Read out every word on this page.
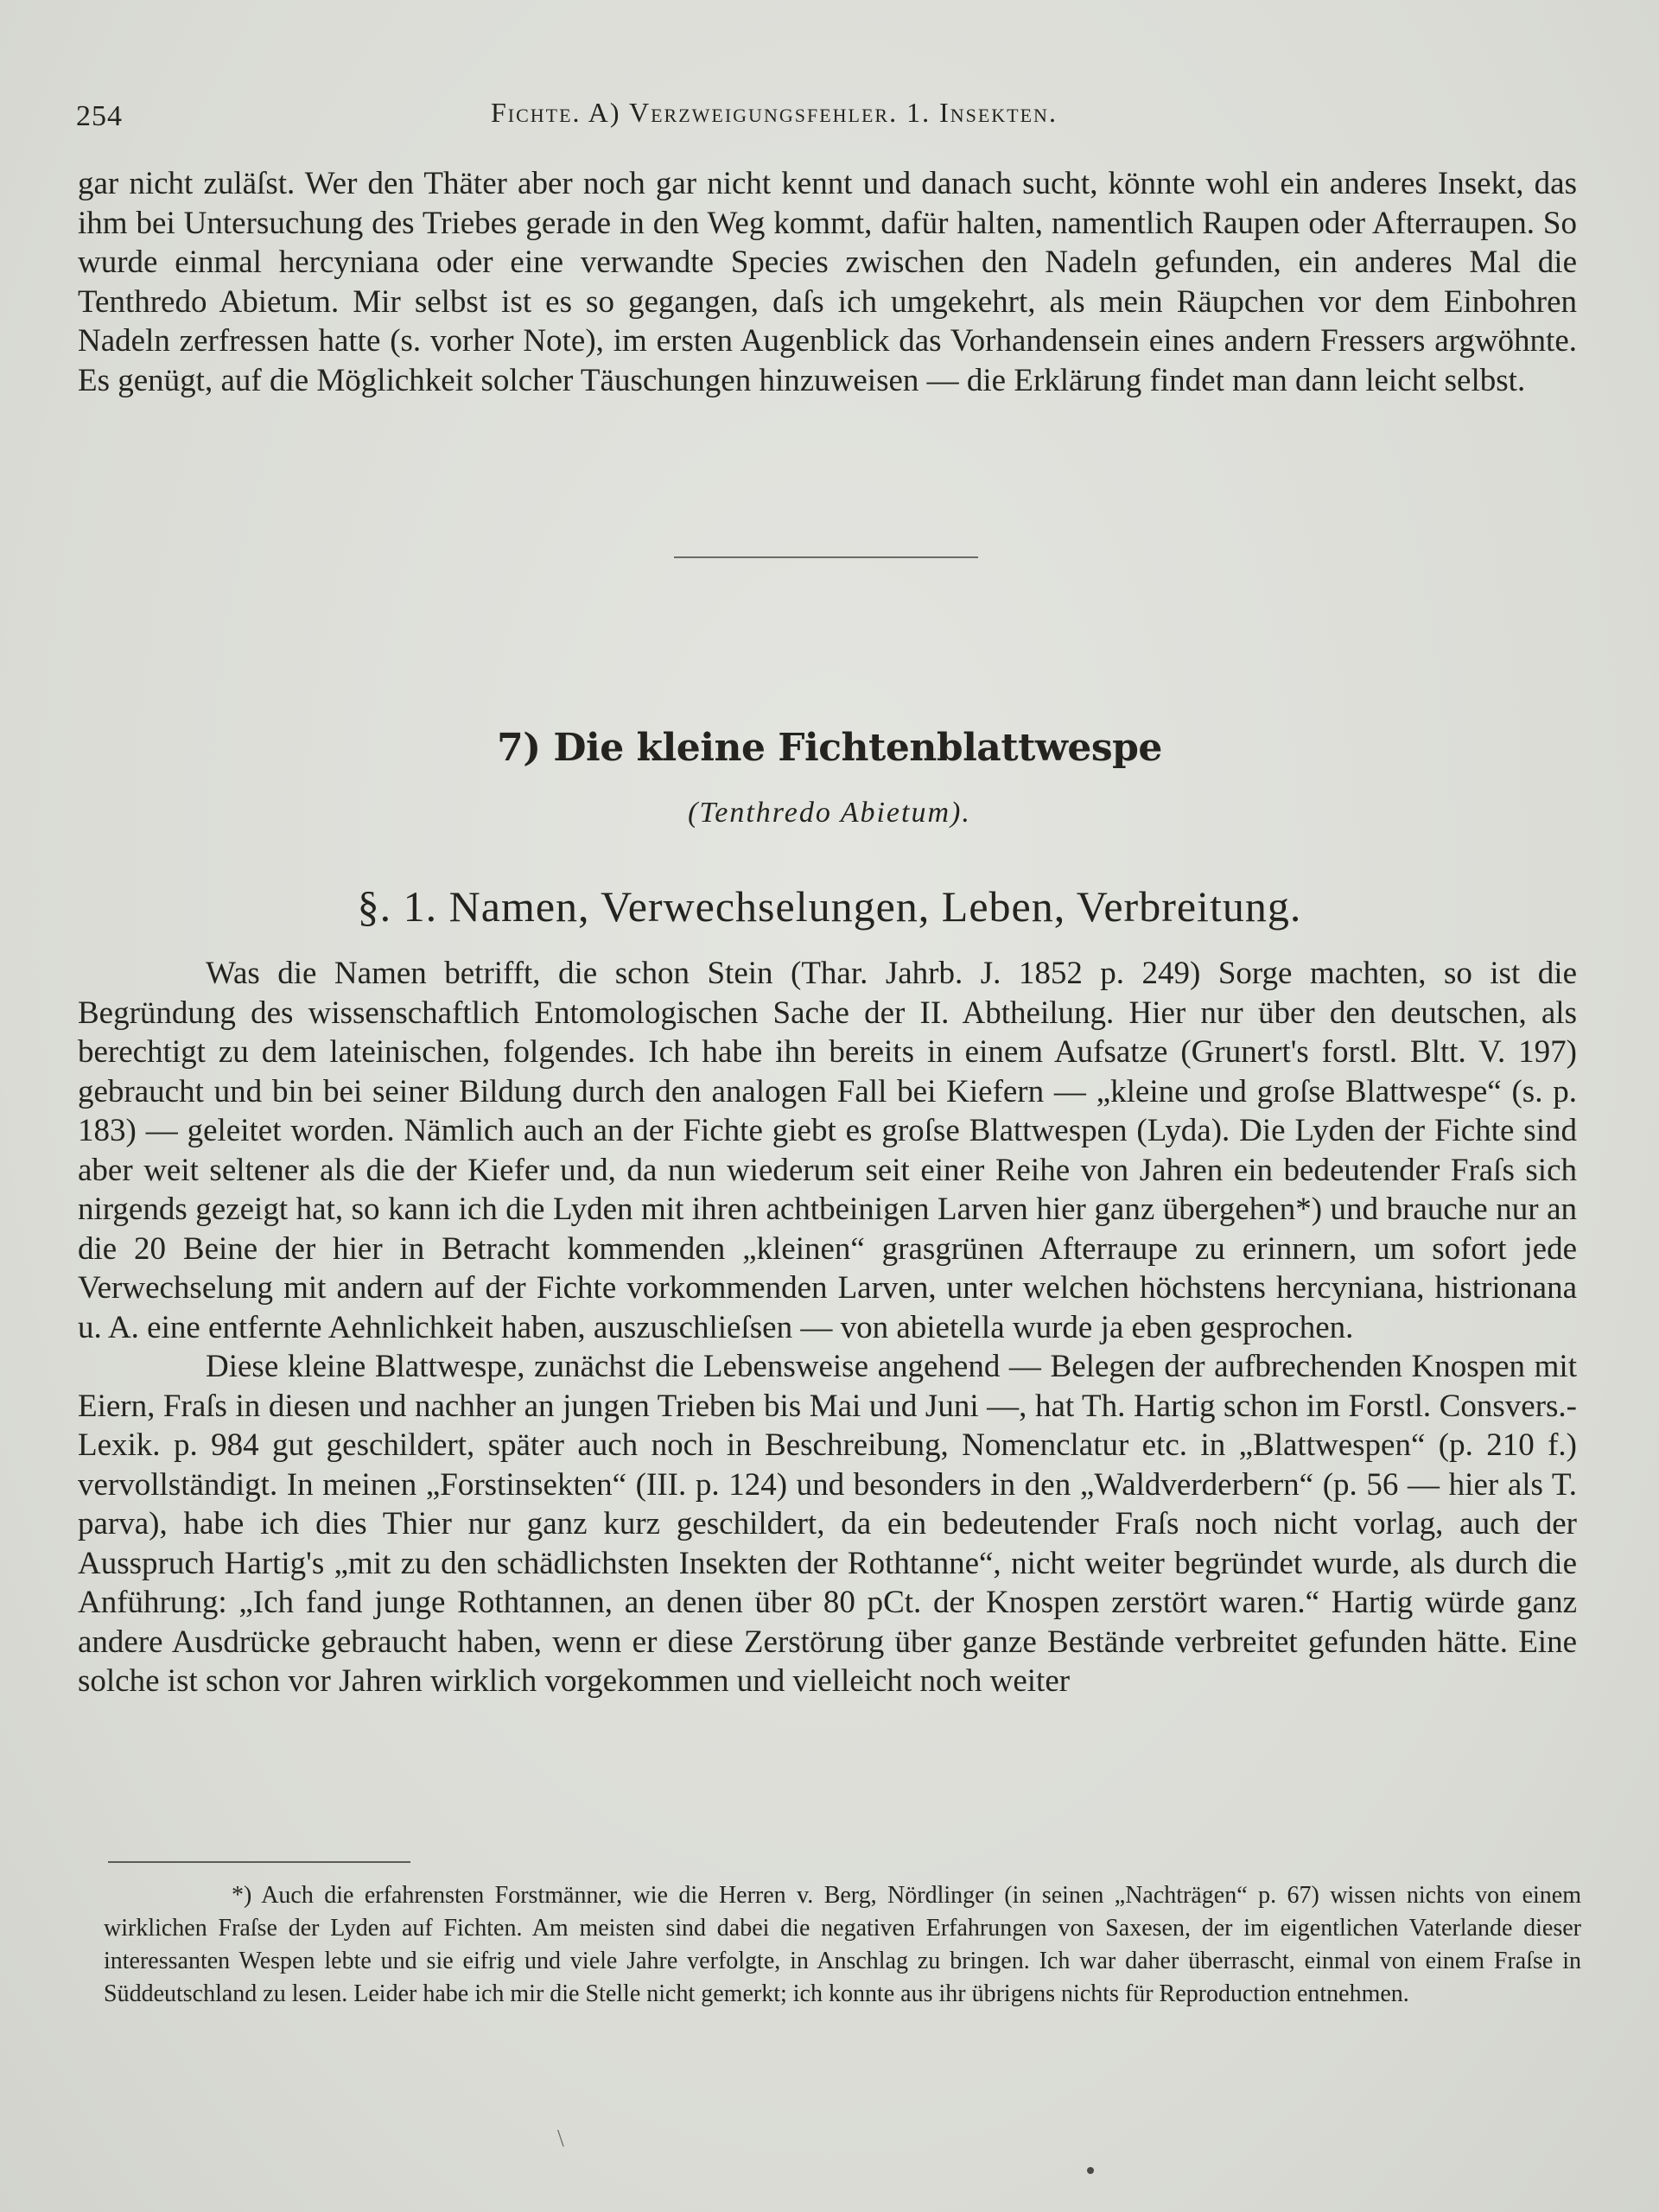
254	Fichte. A) Verzweigungsfehler. 1. Insekten.

gar nicht zuläſst. Wer den Thäter aber noch gar nicht kennt und danach sucht, könnte wohl ein anderes Insekt, das ihm bei Untersuchung des Triebes gerade in den Weg kommt, dafür halten, namentlich Raupen oder Afterraupen. So wurde einmal hercyniana oder eine verwandte Species zwischen den Nadeln gefunden, ein anderes Mal die Tenthredo Abietum. Mir selbst ist es so gegangen, daſs ich umgekehrt, als mein Räupchen vor dem Einbohren Nadeln zerfressen hatte (s. vorher Note), im ersten Augenblick das Vorhandensein eines andern Fressers argwöhnte. Es genügt, auf die Möglichkeit solcher Täuschungen hinzuweisen — die Erklärung findet man dann leicht selbst.

7) Die kleine Fichtenblattwespe
(Tenthredo Abietum).
§. 1. Namen, Verwechselungen, Leben, Verbreitung.

Was die Namen betrifft, die schon Stein (Thar. Jahrb. J. 1852 p. 249) Sorge machten, so ist die Begründung des wissenschaftlich Entomologischen Sache der II. Abtheilung. Hier nur über den deutschen, als berechtigt zu dem lateinischen, folgendes. Ich habe ihn bereits in einem Aufsatze (Grunert's forstl. Bltt. V. 197) gebraucht und bin bei seiner Bildung durch den analogen Fall bei Kiefern — „kleine und groſse Blattwespe“ (s. p. 183) — geleitet worden. Nämlich auch an der Fichte giebt es groſse Blattwespen (Lyda). Die Lyden der Fichte sind aber weit seltener als die der Kiefer und, da nun wiederum seit einer Reihe von Jahren ein bedeutender Fraſs sich nirgends gezeigt hat, so kann ich die Lyden mit ihren achtbeinigen Larven hier ganz übergehen*) und brauche nur an die 20 Beine der hier in Betracht kommenden „kleinen“ grasgrünen Afterraupe zu erinnern, um sofort jede Verwechselung mit andern auf der Fichte vorkommenden Larven, unter welchen höchstens hercyniana, histrionana u. A. eine entfernte Aehnlichkeit haben, auszuschlieſsen — von abietella wurde ja eben gesprochen.

Diese kleine Blattwespe, zunächst die Lebensweise angehend — Belegen der aufbrechenden Knospen mit Eiern, Fraſs in diesen und nachher an jungen Trieben bis Mai und Juni —, hat Th. Hartig schon im Forstl. Consvers.-Lexik. p. 984 gut geschildert, später auch noch in Beschreibung, Nomenclatur etc. in „Blattwespen“ (p. 210 f.) vervollständigt. In meinen „Forstinsekten“ (III. p. 124) und besonders in den „Waldverderbern“ (p. 56 — hier als T. parva), habe ich dies Thier nur ganz kurz geschildert, da ein bedeutender Fraſs noch nicht vorlag, auch der Ausspruch Hartig's „mit zu den schädlichsten Insekten der Rothtanne“, nicht weiter begründet wurde, als durch die Anführung: „Ich fand junge Rothtannen, an denen über 80 pCt. der Knospen zerstört waren.“ Hartig würde ganz andere Ausdrücke gebraucht haben, wenn er diese Zerstörung über ganze Bestände verbreitet gefunden hätte. Eine solche ist schon vor Jahren wirklich vorgekommen und vielleicht noch weiter

*) Auch die erfahrensten Forstmänner, wie die Herren v. Berg, Nördlinger (in seinen „Nachträgen“ p. 67) wissen nichts von einem wirklichen Fraſse der Lyden auf Fichten. Am meisten sind dabei die negativen Erfahrungen von Saxesen, der im eigentlichen Vaterlande dieser interessanten Wespen lebte und sie eifrig und viele Jahre verfolgte, in Anschlag zu bringen. Ich war daher überrascht, einmal von einem Fraſse in Süddeutschland zu lesen. Leider habe ich mir die Stelle nicht gemerkt; ich konnte aus ihr übrigens nichts für Reproduction entnehmen.
\
